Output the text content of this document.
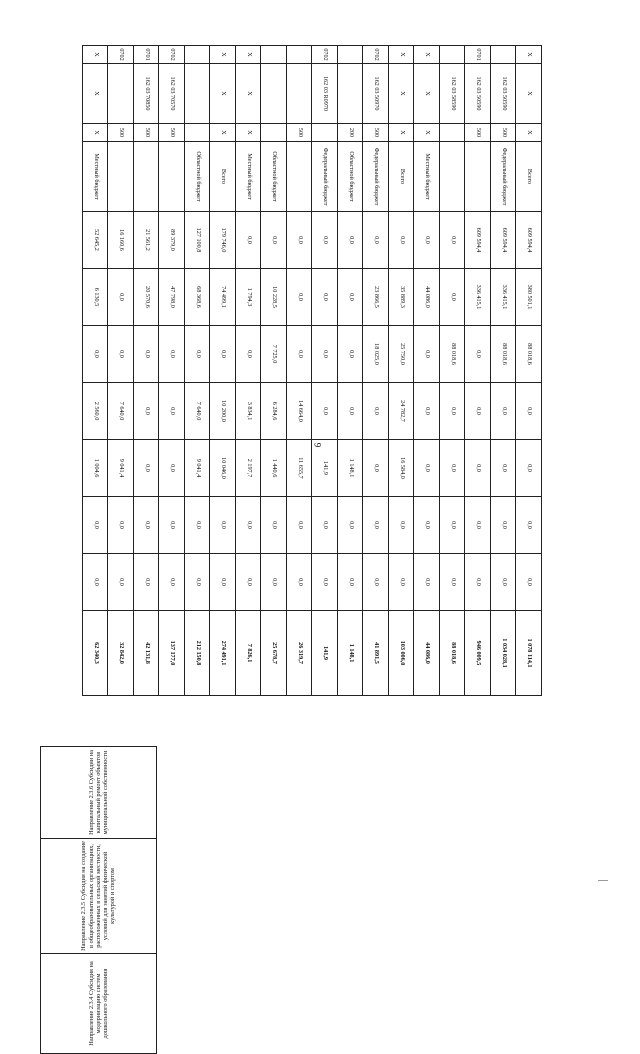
9
X	X	X	Всего	609 594,4	380 501,1	88 018,6	0,0	0,0	0,0	0,0	1 078 114,1
	162 03 50590	500	Федеральный бюджет	609 594,4	336 415,1	88 018,6	0,0	0,0	0,0	0,0	1 034 028,1
0701	162 03 50590	500		609 594,4	336 415,1	0,0	0,0	0,0	0,0	0,0	946 009,5
	162 03 58590			0,0	0,0	88 018,6	0,0	0,0	0,0	0,0	88 018,6
X	X	X	Местный бюджет	0,0	44 086,0	0,0	0,0	0,0	0,0	0,0	44 086,0
X	X	X	Всего	0,0	35 889,3	25 750,0	24 782,7	16 584,0	0,0	0,0	103 006,0
0702	162 03 50970	500	Федеральный бюджет	0,0	23 866,5	18 025,0	0,0	0,0	0,0	0,0	41 891,5
		200	Областной бюджет	0,0	0,0	0,0	0,0	1 148,1	0,0	0,0	1 148,1
0702	162 03 R0970		Федеральный бюджет	0,0	0,0	0,0	0,0	141,9	0,0	0,0	141,9
		500		0,0	0,0	0,0	14 664,0	11 655,7	0,0	0,0	26 319,7
			Областной бюджет	0,0	10 228,5	7 725,0	6 284,6	1 440,6	0,0	0,0	25 678,7
X	X	X	Местный бюджет	0,0	1 794,3	0,0	3 834,1	2 197,7	0,0	0,0	7 826,1
X	X	X	Всего	179 746,0	74 499,1	0,0	10 200,0	10 046,0	0,0	0,0	274 491,1
			Областной бюджет	127 100,8	68 368,6	0,0	7 640,0	9 041,4	0,0	0,0	212 150,8
0702	162 03 70570	500		89 379,0	47 798,0	0,0	0,0	0,0	0,0	0,0	137 177,0
0701	162 03 70850	500		21 561,2	20 570,6	0,0	0,0	0,0	0,0	0,0	42 131,8
0702		500		16 160,6	0,0	0,0	7 640,0	9 041,4	0,0	0,0	32 842,0
X	X	X	Местный бюджет	52 645,2	6 130,5	0,0	2 560,0	1 004,6	0,0	0,0	62 340,3
Направление 2.3.4 Субсидия на модернизацию систем дошкольного образования	Направление 2.3.5 Субсидия на создание в общеобразовательных организациях, расположенных в сельской местности, условий для занятий физической культурой и спортом	Направление 2.3.6 Субсидии на капитальный ремонт объектов муниципальной собственности
